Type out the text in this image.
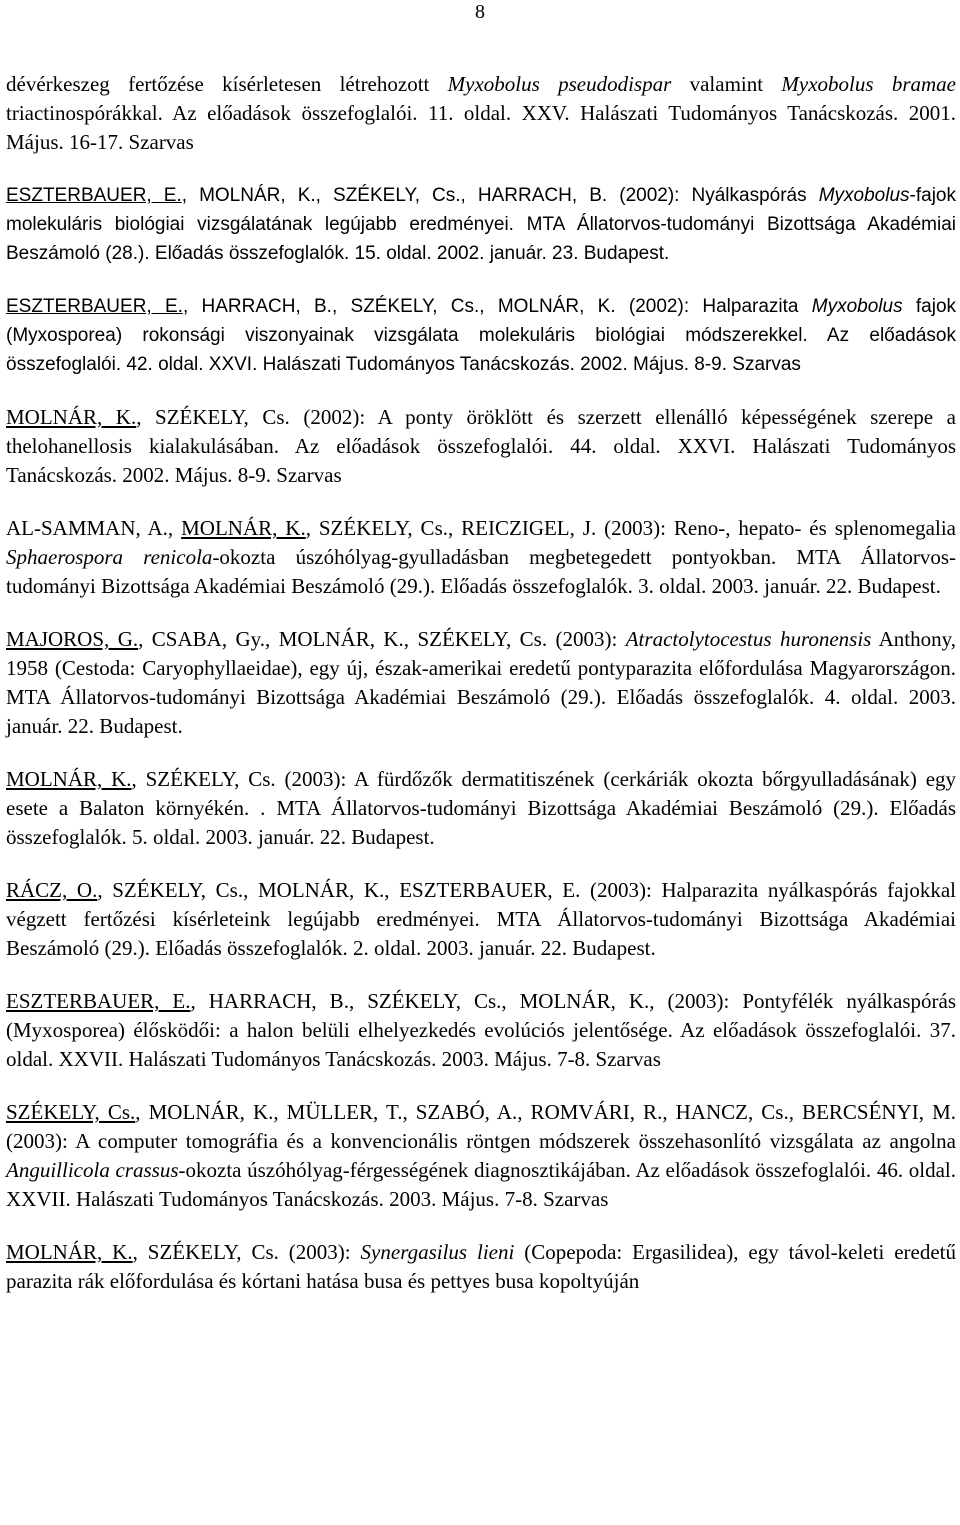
8

dévérkeszeg fertőzése kísérletesen létrehozott Myxobolus pseudodispar valamint Myxobolus bramae triactinospórákkal. Az előadások összefoglalói. 11. oldal. XXV. Halászati Tudományos Tanácskozás. 2001. Május. 16-17. Szarvas

ESZTERBAUER, E., MOLNÁR, K., SZÉKELY, Cs., HARRACH, B. (2002): Nyálkaspórás Myxobolus-fajok molekuláris biológiai vizsgálatának legújabb eredményei. MTA Állatorvos-tudományi Bizottsága Akadémiai Beszámoló (28.). Előadás összefoglalók. 15. oldal. 2002. január. 23. Budapest.

ESZTERBAUER, E., HARRACH, B., SZÉKELY, Cs., MOLNÁR, K. (2002): Halparazita Myxobolus fajok (Myxosporea) rokonsági viszonyainak vizsgálata molekuláris biológiai módszerekkel. Az előadások összefoglalói. 42. oldal. XXVI. Halászati Tudományos Tanácskozás. 2002. Május. 8-9. Szarvas

MOLNÁR, K., SZÉKELY, Cs. (2002): A ponty öröklött és szerzett ellenálló képességének szerepe a thelohanellosis kialakulásában. Az előadások összefoglalói. 44. oldal. XXVI. Halászati Tudományos Tanácskozás. 2002. Május. 8-9. Szarvas

AL-SAMMAN, A., MOLNÁR, K., SZÉKELY, Cs., REICZIGEL, J. (2003): Reno-, hepato- és splenomegalia Sphaerospora renicola-okozta úszóhólyag-gyulladásban megbetegedett pontyokban. MTA Állatorvos-tudományi Bizottsága Akadémiai Beszámoló (29.). Előadás összefoglalók. 3. oldal. 2003. január. 22. Budapest.

MAJOROS, G., CSABA, Gy., MOLNÁR, K., SZÉKELY, Cs. (2003): Atractolytocestus huronensis Anthony, 1958 (Cestoda: Caryophyllaeidae), egy új, észak-amerikai eredetű pontyparazita előfordulása Magyarországon. MTA Állatorvos-tudományi Bizottsága Akadémiai Beszámoló (29.). Előadás összefoglalók. 4. oldal. 2003. január. 22. Budapest.

MOLNÁR, K., SZÉKELY, Cs. (2003): A fürdőzők dermatitiszének (cerkáriák okozta bőrgyulladásának) egy esete a Balaton környékén. . MTA Állatorvos-tudományi Bizottsága Akadémiai Beszámoló (29.). Előadás összefoglalók. 5. oldal. 2003. január. 22. Budapest.

RÁCZ, O., SZÉKELY, Cs., MOLNÁR, K., ESZTERBAUER, E. (2003): Halparazita nyálkaspórás fajokkal végzett fertőzési kísérleteink legújabb eredményei. MTA Állatorvos-tudományi Bizottsága Akadémiai Beszámoló (29.). Előadás összefoglalók. 2. oldal. 2003. január. 22. Budapest.

ESZTERBAUER, E., HARRACH, B., SZÉKELY, Cs., MOLNÁR, K., (2003): Pontyfélék nyálkaspórás (Myxosporea) élősködői: a halon belüli elhelyezkedés evolúciós jelentősége. Az előadások összefoglalói. 37. oldal. XXVII. Halászati Tudományos Tanácskozás. 2003. Május. 7-8. Szarvas

SZÉKELY, Cs., MOLNÁR, K., MÜLLER, T., SZABÓ, A., ROMVÁRI, R., HANCZ, Cs., BERCSÉNYI, M. (2003): A computer tomográfia és a konvencionális röntgen módszerek összehasonlító vizsgálata az angolna Anguillicola crassus-okozta úszóhólyag-férgességének diagnosztikájában. Az előadások összefoglalói. 46. oldal. XXVII. Halászati Tudományos Tanácskozás. 2003. Május. 7-8. Szarvas

MOLNÁR, K., SZÉKELY, Cs. (2003): Synergasilus lieni (Copepoda: Ergasilidea), egy távol-keleti eredetű parazita rák előfordulása és kórtani hatása busa és pettyes busa kopoltyúján
